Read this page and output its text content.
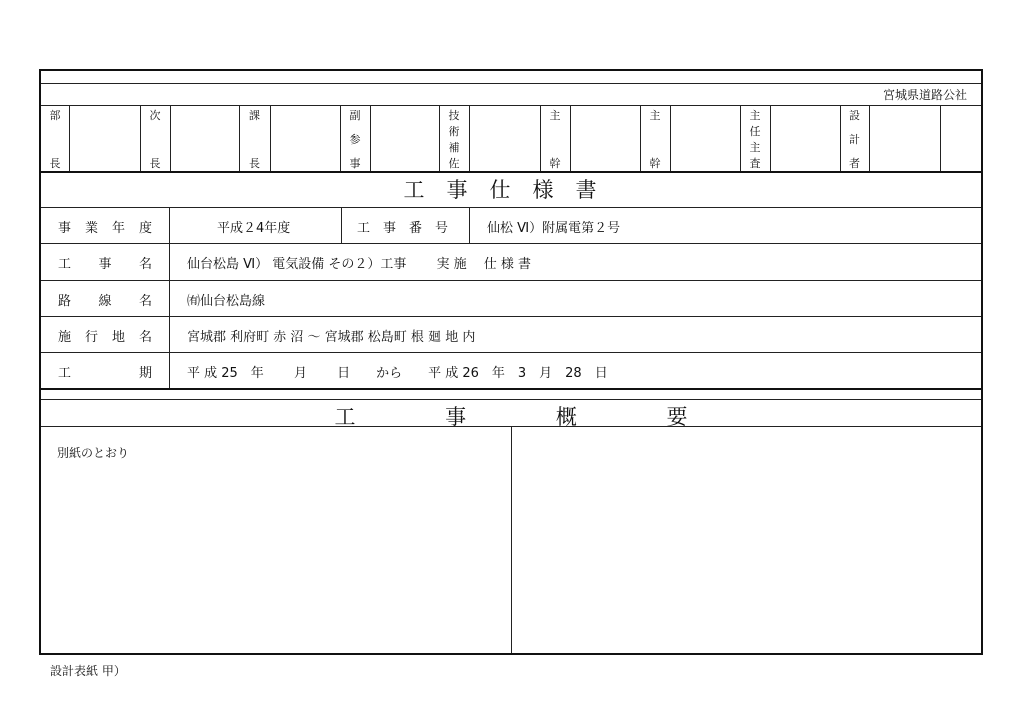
宮城県道路公社
部
長
次
長
課
長
副
参
事
技
術
補
佐
主
幹
主
幹
主
任
主
査
設
計
者
工事仕様書
事 業 年 度	平成２4年度	工　事　番　号	仙松 Ⅵ）附属電第２号
工 事 名	仙台松島 Ⅵ） 電気設備 その２）工事　　 実 施　 仕 様 書
路 線 名	㈲仙台松島線
施 行 地 名	宮城郡 利府町 赤 沼 ～ 宮城郡 松島町 根 廻 地 内
工	期	平 成 25　年　　 月　　 日　　から　　平 成 26　年　3　月　28　日
工	事	概	要
別紙のとおり
設計表紙 甲）
